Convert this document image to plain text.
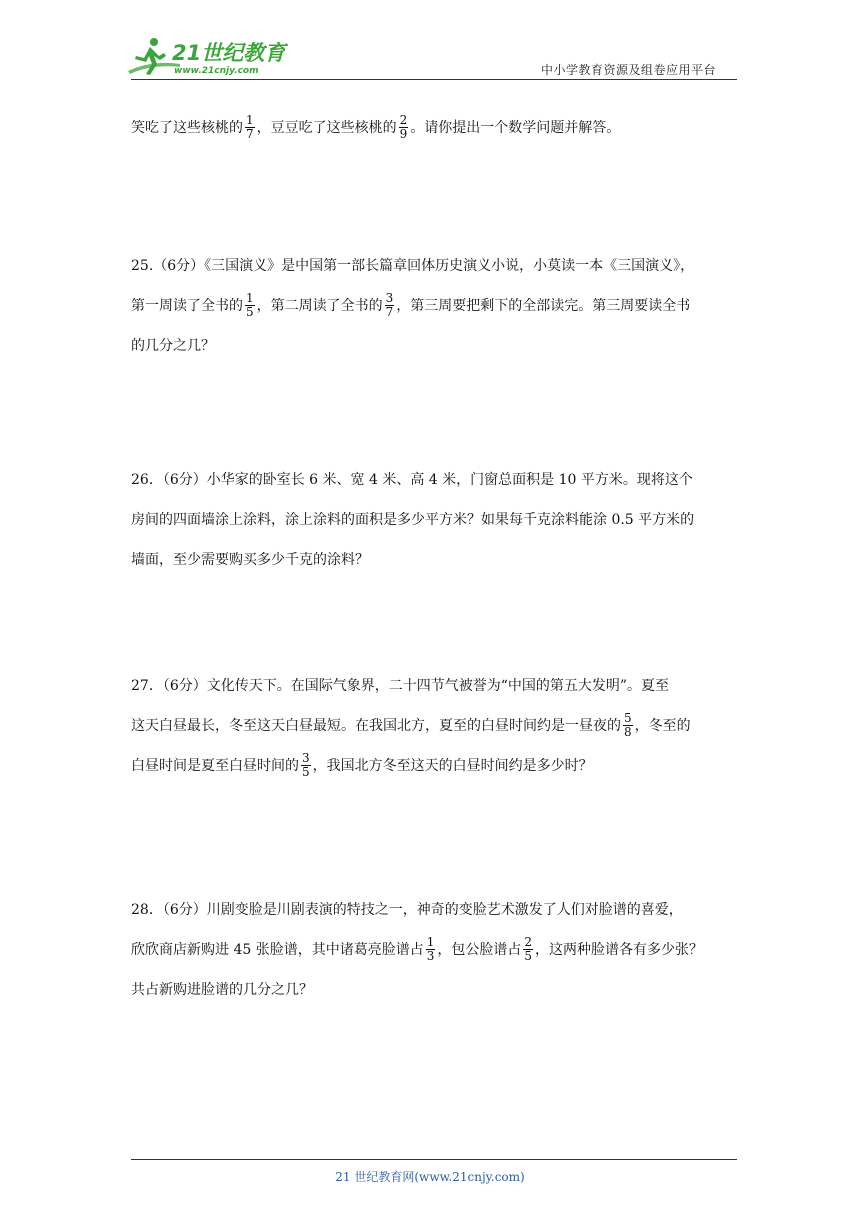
21世纪教育
www.21cnjy.com	中小学教育资源及组卷应用平台
笑吃了这些核桃的 $\frac{1}{7}$ ，豆豆吃了这些核桃的 $\frac{2}{9}$ 。请你提出一个数学问题并解答。
25.（6分）《三国演义》是中国第一部长篇章回体历史演义小说，小莫读一本《三国演义》，
第一周读了全书的 $\frac{1}{5}$ ，第二周读了全书的 $\frac{3}{7}$ ，第三周要把剩下的全部读完。第三周要读全书
的几分之几？
26．（6分）小华家的卧室长 6 米、宽 4 米、高 4 米，门窗总面积是 10 平方米。现将这个
房间的四面墙涂上涂料，涂上涂料的面积是多少平方米？如果每千克涂料能涂 0.5 平方米的
墙面，至少需要购买多少千克的涂料？
27．（6分）文化传天下。在国际气象界，二十四节气被誉为“中国的第五大发明”。夏至
这天白昼最长，冬至这天白昼最短。在我国北方，夏至的白昼时间约是一昼夜的 $\frac{5}{8}$ ，冬至的
白昼时间是夏至白昼时间的 $\frac{3}{5}$ ，我国北方冬至这天的白昼时间约是多少时？
28．（6分）川剧变脸是川剧表演的特技之一，神奇的变脸艺术激发了人们对脸谱的喜爱，
欣欣商店新购进 45 张脸谱，其中诸葛亮脸谱占 $\frac{1}{3}$ ，包公脸谱占 $\frac{2}{5}$ ，这两种脸谱各有多少张？
共占新购进脸谱的几分之几？
21 世纪教育网(www.21cnjy.com)
